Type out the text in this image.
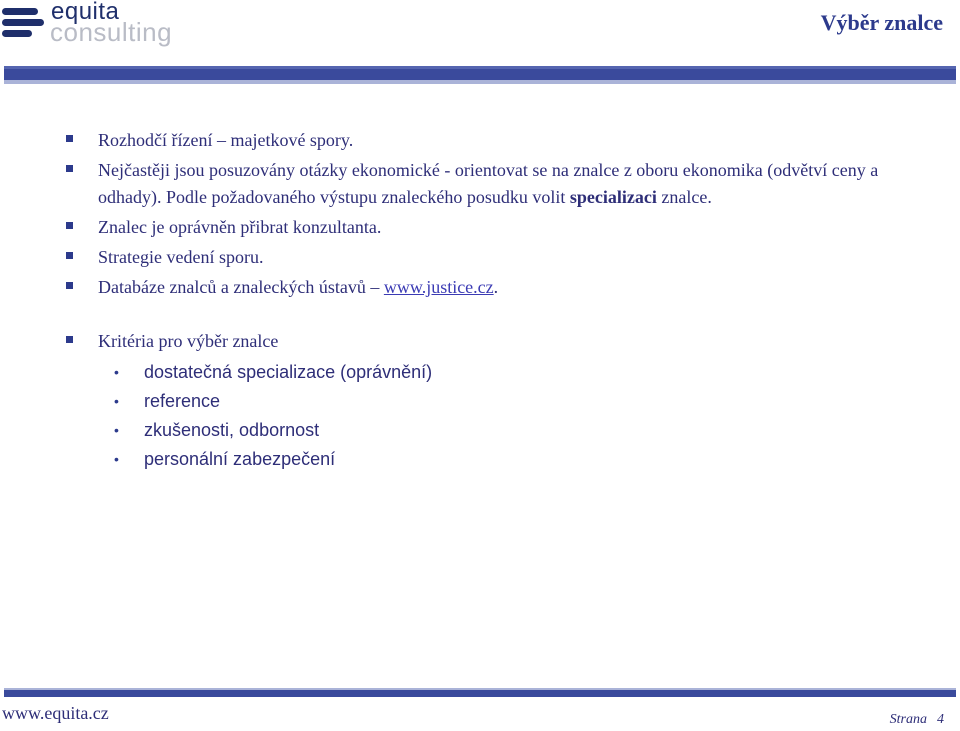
equita
consulting	Výběr znalce

Rozhodčí řízení – majetkové spory.

Nejčastěji jsou posuzovány otázky ekonomické - orientovat se na znalce z oboru ekonomika (odvětví ceny a odhady). Podle požadovaného výstupu znaleckého posudku volit specializaci znalce.

Znalec je oprávněn přibrat konzultanta.

Strategie vedení sporu.

Databáze znalců a znaleckých ústavů – www.justice.cz.

Kritéria pro výběr znalce

• dostatečná specializace (oprávnění)

• reference

• zkušenosti, odbornost

• personální zabezpečení

www.equita.cz	Strana 4
